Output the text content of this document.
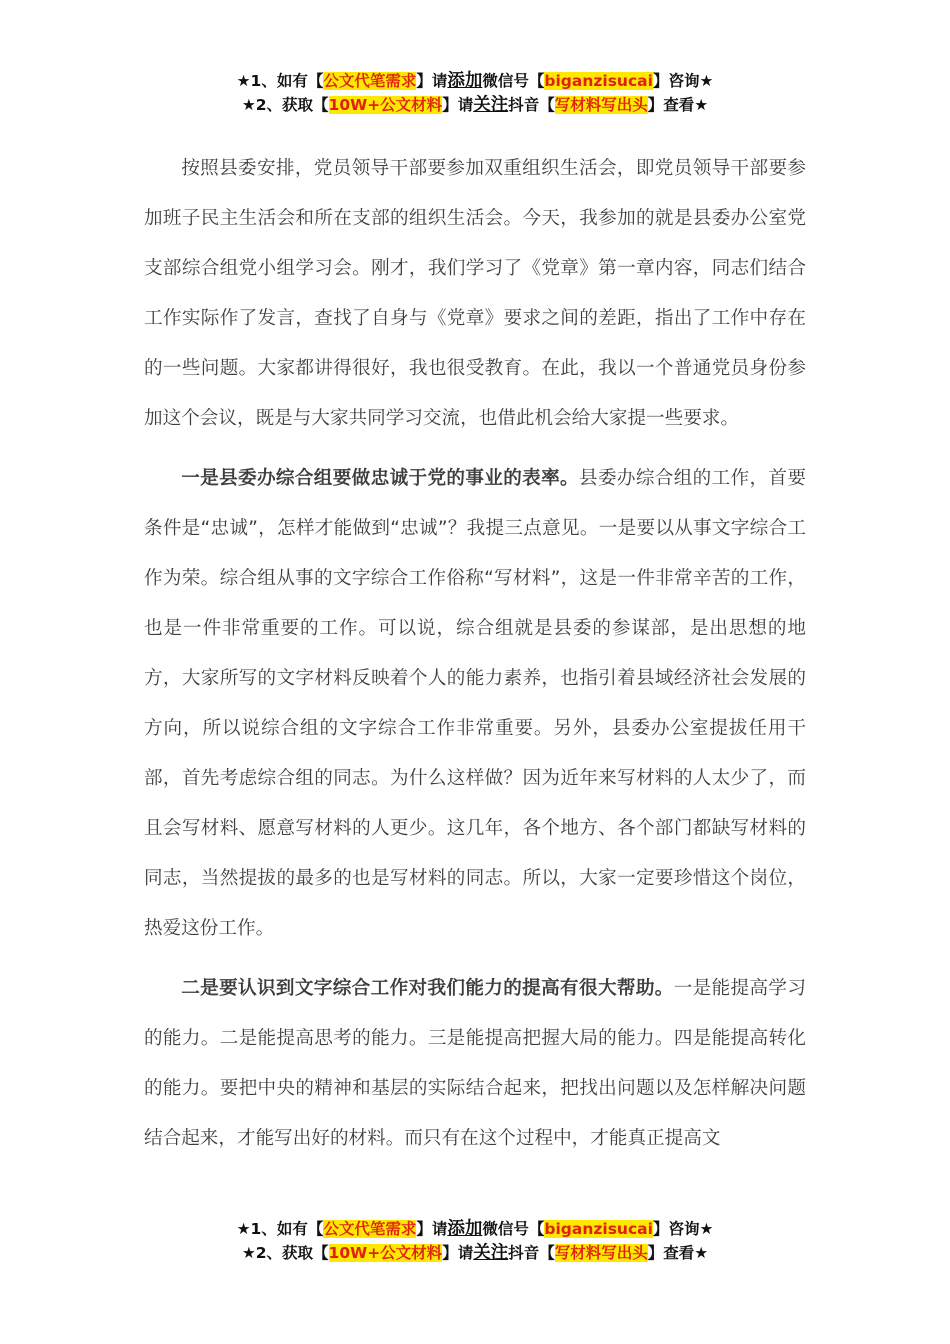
★1、如有【公文代笔需求】请添加微信号【biganzisucai】咨询★
★2、获取【10W+公文材料】请关注抖音【写材料写出头】查看★

按照县委安排，党员领导干部要参加双重组织生活会，即党员领导干部要参加班子民主生活会和所在支部的组织生活会。今天，我参加的就是县委办公室党支部综合组党小组学习会。刚才，我们学习了《党章》第一章内容，同志们结合工作实际作了发言，查找了自身与《党章》要求之间的差距，指出了工作中存在的一些问题。大家都讲得很好，我也很受教育。在此，我以一个普通党员身份参加这个会议，既是与大家共同学习交流，也借此机会给大家提一些要求。

一是县委办综合组要做忠诚于党的事业的表率。县委办综合组的工作，首要条件是“忠诚”，怎样才能做到“忠诚”？我提三点意见。一是要以从事文字综合工作为荣。综合组从事的文字综合工作俗称“写材料”，这是一件非常辛苦的工作，也是一件非常重要的工作。可以说，综合组就是县委的参谋部，是出思想的地方，大家所写的文字材料反映着个人的能力素养，也指引着县域经济社会发展的方向，所以说综合组的文字综合工作非常重要。另外，县委办公室提拔任用干部，首先考虑综合组的同志。为什么这样做？因为近年来写材料的人太少了，而且会写材料、愿意写材料的人更少。这几年，各个地方、各个部门都缺写材料的同志，当然提拔的最多的也是写材料的同志。所以，大家一定要珍惜这个岗位，热爱这份工作。

二是要认识到文字综合工作对我们能力的提高有很大帮助。一是能提高学习的能力。二是能提高思考的能力。三是能提高把握大局的能力。四是能提高转化的能力。要把中央的精神和基层的实际结合起来，把找出问题以及怎样解决问题结合起来，才能写出好的材料。而只有在这个过程中，才能真正提高文

★1、如有【公文代笔需求】请添加微信号【biganzisucai】咨询★
★2、获取【10W+公文材料】请关注抖音【写材料写出头】查看★
